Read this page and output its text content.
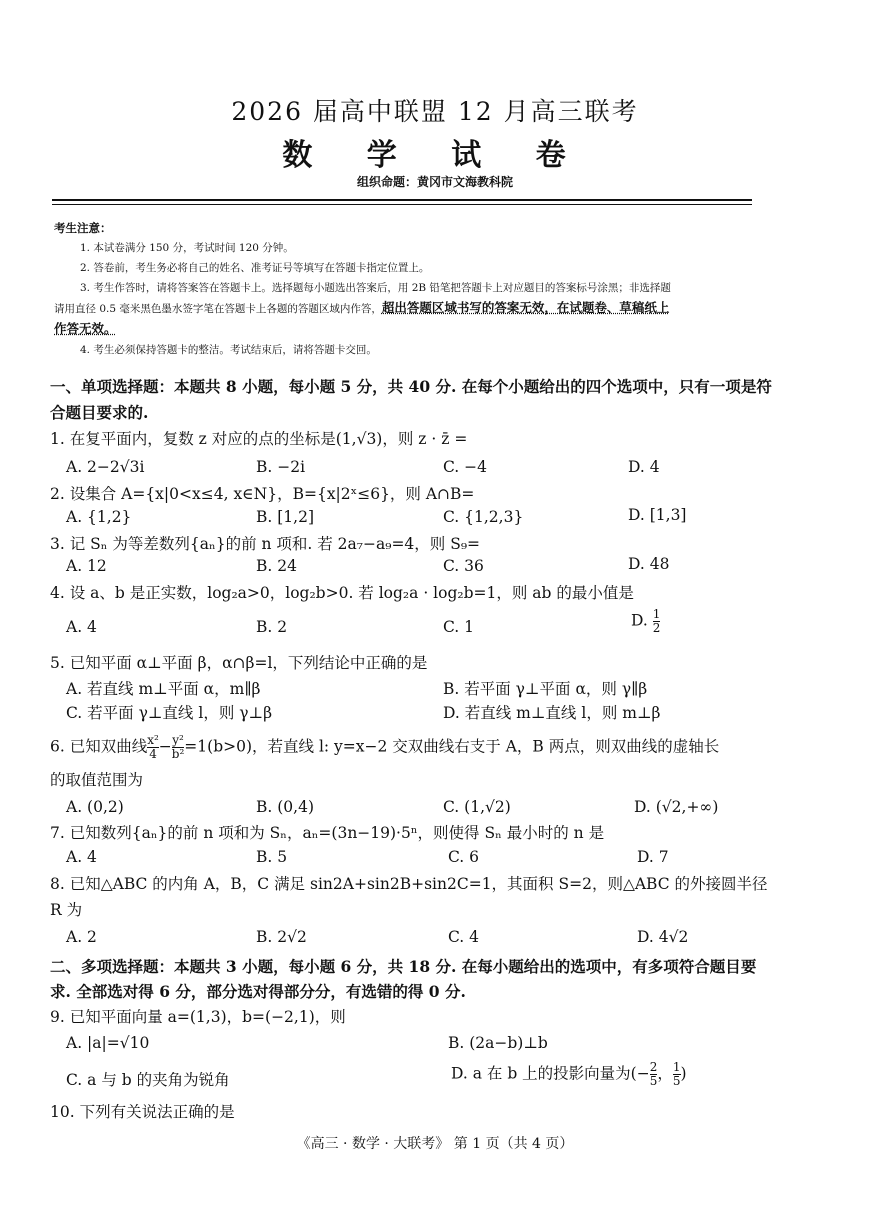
2026 届高中联盟 12 月高三联考
数 学 试 卷
组织命题：黄冈市文海教科院
考生注意：
1. 本试卷满分 150 分，考试时间 120 分钟。
2. 答卷前，考生务必将自己的姓名、准考证号等填写在答题卡指定位置上。
3. 考生作答时，请将答案答在答题卡上。选择题每小题选出答案后，用 2B 铅笔把答题卡上对应题目的答案标号涂黑；非选择题
请用直径 0.5 毫米黑色墨水签字笔在答题卡上各题的答题区域内作答，超出答题区域书写的答案无效，在试题卷、草稿纸上
作答无效。
4. 考生必须保持答题卡的整洁。考试结束后，请将答题卡交回。
一、单项选择题：本题共 8 小题，每小题 5 分，共 40 分. 在每个小题给出的四个选项中，只有一项是符
合题目要求的.
1. 在复平面内，复数 z 对应的点的坐标是(1,√3)，则 z · z̄ =
A. 2−2√3i	B. −2i	C. −4	D. 4
2. 设集合 A={x|0<x≤4, x∈N}，B={x|2ˣ≤6}，则 A∩B=
A. {1,2}	B. [1,2]	C. {1,2,3}	D. [1,3]
3. 记 Sₙ 为等差数列{aₙ}的前 n 项和. 若 2a₇−a₉=4，则 S₉=
A. 12	B. 24	C. 36	D. 48
4. 设 a、b 是正实数，log₂a>0，log₂b>0. 若 log₂a · log₂b=1，则 ab 的最小值是
A. 4	B. 2	C. 1	D. $\frac{1}{2}$
5. 已知平面 α⊥平面 β，α∩β=l，下列结论中正确的是
A. 若直线 m⊥平面 α，m∥β	B. 若平面 γ⊥平面 α，则 γ∥β
C. 若平面 γ⊥直线 l，则 γ⊥β	D. 若直线 m⊥直线 l，则 m⊥β
6. 已知双曲线 $\frac{\text{x²}}{4} - \frac{\text{y²}}{\text{b²}} =1(b>0)$，若直线 l: y=x−2 交双曲线右支于 A，B 两点，则双曲线的虚轴长
的取值范围为
A. (0,2)	B. (0,4)	C. (1,√2)	D. (√2,+∞)
7. 已知数列{aₙ}的前 n 项和为 Sₙ，aₙ=(3n−19)·5ⁿ，则使得 Sₙ 最小时的 n 是
A. 4	B. 5	C. 6	D. 7
8. 已知△ABC 的内角 A，B，C 满足 sin2A+sin2B+sin2C=1，其面积 S=2，则△ABC 的外接圆半径
R 为
A. 2	B. 2√2	C. 4	D. 4√2
二、多项选择题：本题共 3 小题，每小题 6 分，共 18 分. 在每小题给出的选项中，有多项符合题目要
求. 全部选对得 6 分，部分选对得部分分，有选错的得 0 分.
9. 已知平面向量 a=(1,3)，b=(−2,1)，则
A. |a|=√10	B. (2a−b)⊥b
C. a 与 b 的夹角为锐角	D. a 在 b 上的投影向量为(− $\frac{2}{5}$ ， $\frac{1}{5}$ )
10. 下列有关说法正确的是
《高三 · 数学 · 大联考》 第 1 页（共 4 页）
